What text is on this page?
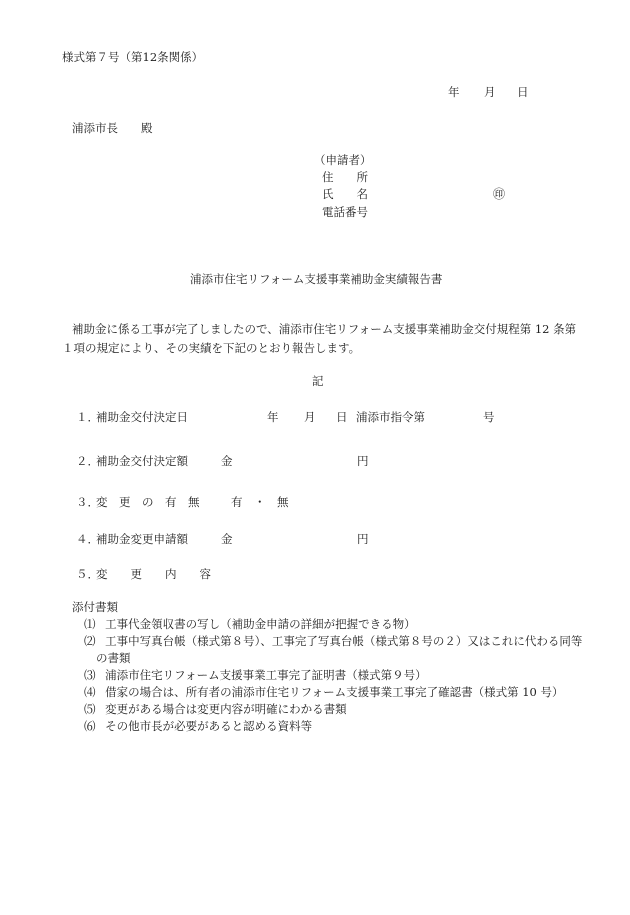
様式第７号（第12条関係）
年 月 日
浦添市長 殿
（申請者）
住　　所
氏　　名	㊞
電話番号
浦添市住宅リフォーム支援事業補助金実績報告書
補助金に係る工事が完了しましたので、浦添市住宅リフォーム支援事業補助金交付規程第 12 条第
１項の規定により、その実績を下記のとおり報告します。
記
１．
補助金交付決定日	年 月 日 浦添市指令第	号
２．
補助金交付決定額	金	円
３．
変　更　の　有　無	有　・　無
４．
補助金変更申請額	金	円
５．
変　　更　　内　　容
添付書類
⑴ 工事代金領収書の写し（補助金申請の詳細が把握できる物）
⑵ 工事中写真台帳（様式第８号）、工事完了写真台帳（様式第８号の２）又はこれに代わる同等
の書類
⑶ 浦添市住宅リフォーム支援事業工事完了証明書（様式第９号）
⑷ 借家の場合は、所有者の浦添市住宅リフォーム支援事業工事完了確認書（様式第 10 号）
⑸ 変更がある場合は変更内容が明確にわかる書類
⑹ その他市長が必要があると認める資料等
